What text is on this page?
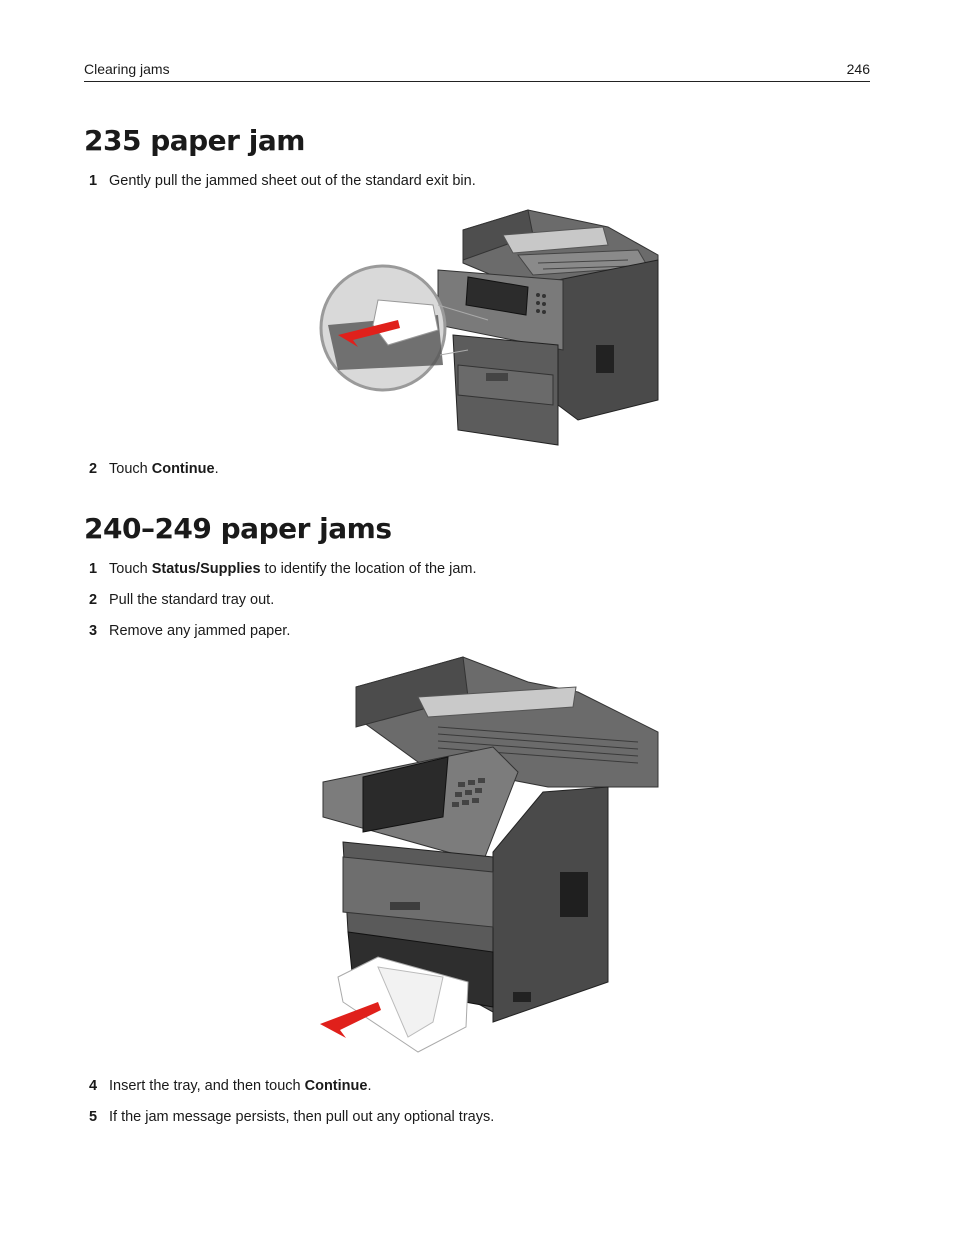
Clearing jams	246
235 paper jam
1 Gently pull the jammed sheet out of the standard exit bin.
2 Touch Continue.
240–249 paper jams
1 Touch Status/Supplies to identify the location of the jam.
2 Pull the standard tray out.
3 Remove any jammed paper.
4 Insert the tray, and then touch Continue.
5 If the jam message persists, then pull out any optional trays.
